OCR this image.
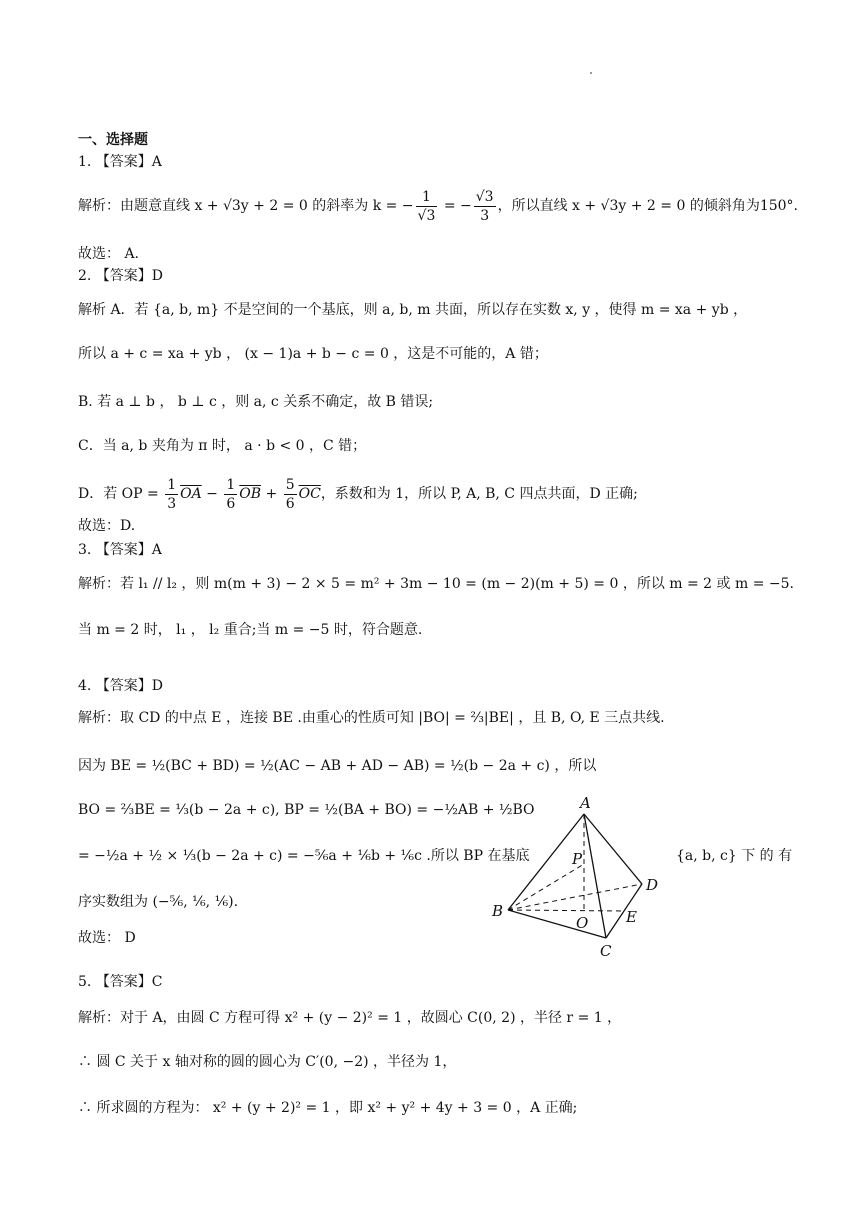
一、选择题
1. 【答案】A
解析：由题意直线 x + √3y + 2 = 0 的斜率为 k = − $\frac{1}{√3}$ = − $\frac{√3}{3}$ ，所以直线 x + √3y + 2 = 0 的倾斜角为150°.
故选： A.
2. 【答案】D
解析 A．若 {a, b, m} 不是空间的一个基底，则 a, b, m 共面，所以存在实数 x, y ，使得 m = xa + yb ，
所以 a + c = xa + yb ， (x − 1)a + b − c = 0 ，这是不可能的，A 错；
B. 若 a ⊥ b ， b ⊥ c ，则 a, c 关系不确定，故 B 错误;
C．当 a, b 夹角为 π 时， a · b < 0 ，C 错；
D．若 OP = $\frac{1}{3} \overline{OA} - \frac{1}{6} \overline{OB} + \frac{5}{6} \overline{OC}$，系数和为 1，所以 P, A, B, C 四点共面，D 正确;
故选：D.
3. 【答案】A
解析：若 l₁ // l₂ ，则 m(m + 3) − 2 × 5 = m² + 3m − 10 = (m − 2)(m + 5) = 0 ，所以 m = 2 或 m = −5.
当 m = 2 时， l₁ ， l₂ 重合;当 m = −5 时，符合题意.
4. 【答案】D
解析：取 CD 的中点 E ，连接 BE .由重心的性质可知 |BO| = ⅔|BE| ，且 B, O, E 三点共线.
因为 BE = ½(BC + BD) = ½(AC − AB + AD − AB) = ½(b − 2a + c) ，所以
BO = ⅔BE = ⅓(b − 2a + c), BP = ½(BA + BO) = −½AB + ½BO
= −½a + ½ × ⅓(b − 2a + c) = −⅚a + ⅙b + ⅙c .所以 BP 在基底	{a, b, c} 下 的 有
序实数组为 (−⅚, ⅙, ⅙).
故选： D
A
P
D
B
O	E
C
5. 【答案】C
解析：对于 A，由圆 C 方程可得 x² + (y − 2)² = 1 ，故圆心 C(0, 2) ，半径 r = 1 ，
∴ 圆 C 关于 x 轴对称的圆的圆心为 C′(0, −2) ，半径为 1，
∴ 所求圆的方程为： x² + (y + 2)² = 1 ，即 x² + y² + 4y + 3 = 0 ，A 正确;
